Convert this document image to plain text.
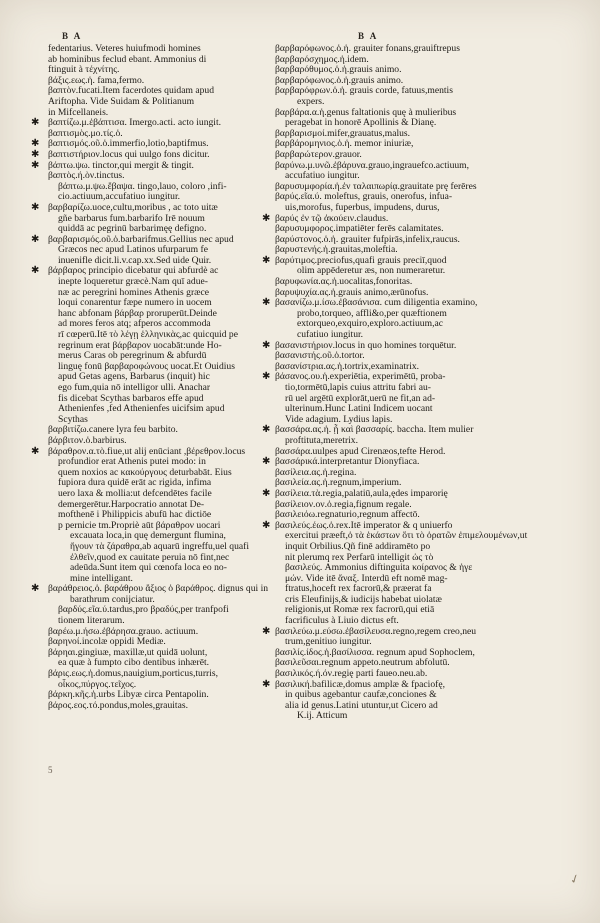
B A	B A
fedentarius. Veteres huiufmodi homines
ab hominibus feclud ebant. Ammonius di
ftinguit à τέχνίτης.
βάξις.εως.ἡ. fama,fermo.
βαπτὸν.fucati.Item facerdotes quidam apud
Ariftopha. Vide Suidam & Politianum
in Mifcellaneis.
✱ βαπτίζω.μ.ἐβάπτισα. Imergo.acti. acto iungit.
βαπτισμὸς.μο.τίς.ὁ.
✱ βαπτισμός.οῦ.ὁ.immerfio,lotio,baptifmus.
✱ βαπτιστήριον.locus qui uulgo fons dicitur.
✱ βάπτω.ψω. tinctor,qui mergit & tingit.
βαπτὸς.ή.ὸν.tinctus.
βάπτω.μ.ψω.ἔβαψα. tingo,lauo, coloro ,infi-
cio.actiuum,accufatiuo iungitur.
✱ βαρβαρίζω.uoce,cultu,moribus , ac toto uitæ
gñe barbarus fum.barbarifo Irē nouum
quiddā ac pegrinū barbarimęę defigno.
✱ βαρβαρισμός.οῦ.ὁ.barbarifmus.Gellius nec apud
Græcos nec apud Latinos ufurparum fe
inuenifle dicit.li.v.cap.xx.Sed uide Quir.
✱ βάρβαρος principio dicebatur qui abfurdè ac
inepte loqueretur græcè.Nam quī adue-
næ ac peregrini homines Athenis græce
loqui conarentur fæpe numero in uocem
hanc abfonam βάρβαρ proruperūt.Deinde
ad mores feros atq; afperos accommoda
rī cœperū.Itē τὸ λέγῃ ἑλληνικὰς,ac quicquid pe
regrinum erat βάρβαρον uocabāt:unde Ho-
merus Caras ob peregrinum & abfurdū
linguę fonū βαρβαροφώνους uocat.Et Ouidius
apud Getas agens, Barbarus (inquit) hic
ego fum,quia nō intelligor ulli. Anachar
fis dicebat Scythas barbaros effe apud
Athenienfes ,fed Athenienfes uicifsim apud
Scythas
βαρβιτίζω.canere lyra feu barbito.
βάρβιτον.ὁ.barbirus.
✱ βάραθρον.α.τὸ.fiue,ut alij enūciant ,βέρεθρον.locus
profundior erat Athenis putei modo: in
quem noxios ac κακούργους deturbabāt. Eius
fupiora dura quidē erāt ac rigida, infima
uero laxa & mollia:ut defcendētes facile
demergerētur.Harpocratio annotat De-
mofthenē i Philippicis abufū hac dictiōe
p pernicie tm.Propriè aūt βάραθρον uocari
excauata loca,in quę demergunt flumina,
ἤγουν τὰ ζάραθρα,ab aquarū ingreffu,uel quafi
ἐλθεῖν,quod ex cauitate peruia nō fint,nec
adeūda.Sunt item qui cœnofa loca eo no-
mine intelligant.
✱ βαράθρειος.ὁ. βαράθρου ἄξιος ὁ βαράθρος. dignus qui in
barathrum conijciatur.
βαρδύς.εῖα.ύ.tardus,pro βραδύς,per tranfpofi
tionem literarum.
βαρέω.μ.ήσω.ἐβάρησα.grauo. actiuum.
βαρηνοί.incolæ oppidi Mediæ.
βάρηαι.gingiuæ, maxillæ,ut quidā uolunt,
ea quæ à fumpto cibo dentibus inhærēt.
βάρις.εως.ἡ.domus,nauigium,porticus,turris,
οἶκος,πύργος.τεῖχος.
βάρκη.κῆς.ἡ.urbs Libyæ circa Pentapolin.
βάρος.εος.τό.pondus,moles,grauitas.
βαρβαρόφωνος.ὁ.ἡ. grauiter fonans,grauiftrepus
βαρβαρόσχημος.ἡ.idem.
βαρβαρόθυμος.ὁ.ἡ.grauis animo.
βαρβαρόφωνος.ὁ.ἡ.grauis animo.
βαρβαρόφρων.ὁ.ἡ. grauis corde, fatuus,mentis
expers.
βαρβάρα.α.ἡ.genus faltationis quę à mulieribus
peragebat in honorē Apollinis & Dianę.
βαρβαρισμοί.mifer,grauatus,malus.
βαρβάρομηνιος.ὁ.ἡ. memor iniuriæ,
βαρβαρώτερον.grauor.
βαρύνω.μ.υνῶ.ἐβάρυνα.grauo,ingrauefco.actiuum,
accufatiuo iungitur.
βαρυσυμφορία.ἡ.ἐν ταλαιπωρίᾳ.grauitate prę ferēres
βαρύς.εῖα.ύ. moleftus, grauis, onerofus, infua-
uis,morofus, fuperbus, impudens, durus,
✱ βαρύς ἐν τῷ ἀκούειν.claudus.
βαρυσυμφορος.impatiēter ferēs calamitates.
βαρύστονος.ὁ.ἡ. grauiter fufpirās,infelix,raucus.
βαρυστενής.ἡ.grauitas,moleftia.
✱ βαρύτιμος.preciofus,quafi grauis preciī,quod
olim appēderetur æs, non numeraretur.
βαρυφωνία.ας.ἡ.uocalitas,fonoritas.
βαρυψυχία.ας.ἡ.grauis animo,ærūnofus.
✱ βασανίζω.μ.ίσω.ἐβασάνισα. cum diligentia examino,
probo,torqueo, affli&o,per quæftionem
extorqueo,exquiro,exploro.actiuum,ac
cufatiuo iungitur.
✱ βασανιστήριον.locus in quo homines torquētur.
βασανιστής.οῦ.ὁ.tortor.
βασανίστρια.ας.ἡ.tortrix,examinatrix.
✱ βάσανος.ου.ἡ.experiētia, experimētū, proba-
tio,tormētū,lapis cuius attritu fabri au-
rū uel argētū explorāt,uerū ne fit,an ad-
ulterinum.Hunc Latini Indicem uocant
Vide adagium. Lydius lapis.
✱ βασσάρα.ας.ἡ. ᾗ καὶ βασσαρίς. baccha. Item mulier
proftituta,meretrix.
βασσάρα.uulpes apud Cirenæos,tefte Herod.
✱ βασσάρικά.interpretantur Dionyfiaca.
βασίλεια.ας.ἡ.regina.
βασιλεία.ας.ἡ.regnum,imperium.
✱ βασίλεια.τὰ.regia,palatiū,aula,ędes imparorię
βασίλειον.ον.ὁ.regia,fignum regale.
βασιλειόω.regnaturio,regnum affectō.
✱ βασιλεύς.έως.ὁ.rex.Itē imperator & q uniuerfo
exercitui præeft,ὁ τὰ ἑκάστων ὅτι τὸ ὁρατῶν ἐπιμελουμένων,ut
inquit Orbilius.Qñ finē addiramēto po
nit plerumq rex Perfarū intelligit ὡς τὸ
βασιλεύς. Ammonius diftinguita κοίρανος & ἡγε
μών. Vide itē ἄναξ. Interdū eft nomē mag-
ftratus,hoceft rex facrorū,& præerat fa
cris Eleufinijs,& iudicijs habebat uiolatæ
religionis,ut Romæ rex facrorū,qui etiā
facrificulus à Liuio dictus eft.
✱ βασιλεύω.μ.εύσω.ἐβασίλευσα.regno,regem creo,neu
trum,genitiuo iungitur.
βασιλίς.ίδος.ἡ.βασίλισσα. regnum apud Sophoclem,
βασιλεῦσαι.regnum appeto.neutrum abfolutū.
βασιλικός.ή.όν.regię parti faueo.neu.ab.
✱ βασιλική.bafilicæ,domus amplæ & fpaciofę,
in quibus agebantur caufæ,conciones &
alia id genus.Latini utuntur,ut Cicero ad
K.ij. Atticum
5
✓
